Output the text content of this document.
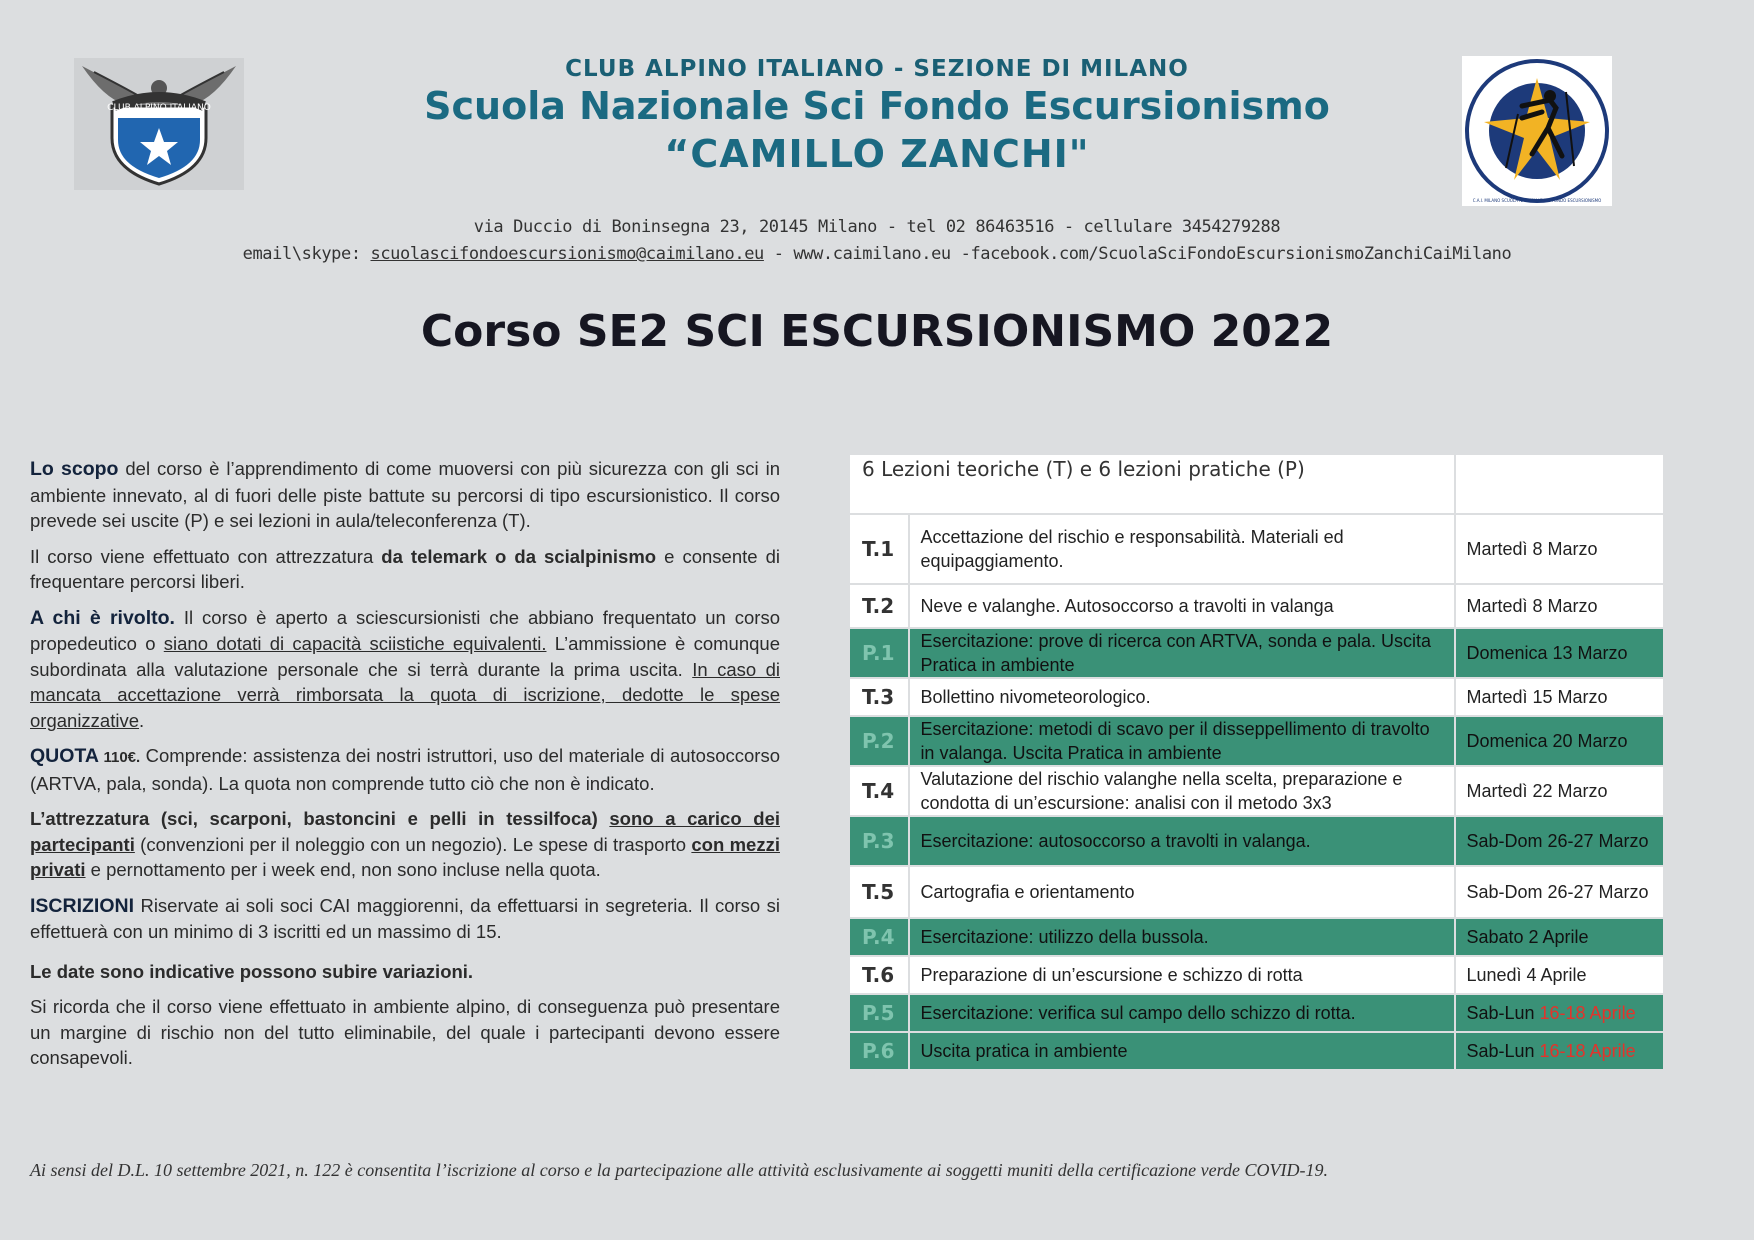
CLUB ALPINO ITALIANO
C.A.I. MILANO SCUOLA NAZIONALE SCI FONDO ESCURSIONISMO
CLUB ALPINO ITALIANO - SEZIONE DI MILANO
Scuola Nazionale Sci Fondo Escursionismo
“CAMILLO ZANCHI"
via Duccio di Boninsegna 23, 20145 Milano - tel 02 86463516 - cellulare 3454279288
email\skype: scuolascifondoescursionismo@caimilano.eu - www.caimilano.eu -facebook.com/ScuolaSciFondoEscursionismoZanchiCaiMilano
Corso SE2 SCI ESCURSIONISMO 2022

Lo scopo del corso è l’apprendimento di come muoversi con più sicurezza con gli sci in ambiente innevato, al di fuori delle piste battute su percorsi di tipo escursionistico. Il corso prevede sei uscite (P) e sei lezioni in aula/teleconferenza (T).

Il corso viene effettuato con attrezzatura da telemark o da scialpinismo e consente di frequentare percorsi liberi.

A chi è rivolto. Il corso è aperto a sciescursionisti che abbiano frequentato un corso propedeutico o siano dotati di capacità sciistiche equivalenti. L’ammissione è comunque subordinata alla valutazione personale che si terrà durante la prima uscita. In caso di mancata accettazione verrà rimborsata la quota di iscrizione, dedotte le spese organizzative.

QUOTA 110€. Comprende: assistenza dei nostri istruttori, uso del materiale di autosoccorso (ARTVA, pala, sonda). La quota non comprende tutto ciò che non è indicato.

L’attrezzatura (sci, scarponi, bastoncini e pelli in tessilfoca) sono a carico dei partecipanti (convenzioni per il noleggio con un negozio). Le spese di trasporto con mezzi privati e pernottamento per i week end, non sono incluse nella quota.

ISCRIZIONI Riservate ai soli soci CAI maggiorenni, da effettuarsi in segreteria. Il corso si effettuerà con un minimo di 3 iscritti ed un massimo di 15.

Le date sono indicative possono subire variazioni.

Si ricorda che il corso viene effettuato in ambiente alpino, di conseguenza può presentare un margine di rischio non del tutto eliminabile, del quale i partecipanti devono essere consapevoli.

6 Lezioni teoriche (T) e 6 lezioni pratiche (P)		
T.1	Accettazione del rischio e responsabilità. Materiali ed equipaggiamento.	Martedì 8 Marzo
T.2	Neve e valanghe. Autosoccorso a travolti in valanga	Martedì 8 Marzo
P.1	Esercitazione: prove di ricerca con ARTVA, sonda e pala. Uscita Pratica in ambiente	Domenica 13 Marzo
T.3	Bollettino nivometeorologico.	Martedì 15 Marzo
P.2	Esercitazione: metodi di scavo per il disseppellimento di travolto in valanga. Uscita Pratica in ambiente	Domenica 20 Marzo
T.4	Valutazione del rischio valanghe nella scelta, preparazione e condotta di un’escursione: analisi con il metodo 3x3	Martedì 22 Marzo
P.3	Esercitazione: autosoccorso a travolti in valanga.	Sab-Dom 26-27 Marzo
T.5	Cartografia e orientamento	Sab-Dom 26-27 Marzo
P.4	Esercitazione: utilizzo della bussola.	Sabato 2 Aprile
T.6	Preparazione di un’escursione e schizzo di rotta	Lunedì 4 Aprile
P.5	Esercitazione: verifica sul campo dello schizzo di rotta.	Sab-Lun 16-18 Aprile
P.6	Uscita pratica in ambiente	Sab-Lun 16-18 Aprile
Ai sensi del D.L. 10 settembre 2021, n. 122 è consentita l’iscrizione al corso e la partecipazione alle attività esclusivamente ai soggetti muniti della certificazione verde COVID-19.
